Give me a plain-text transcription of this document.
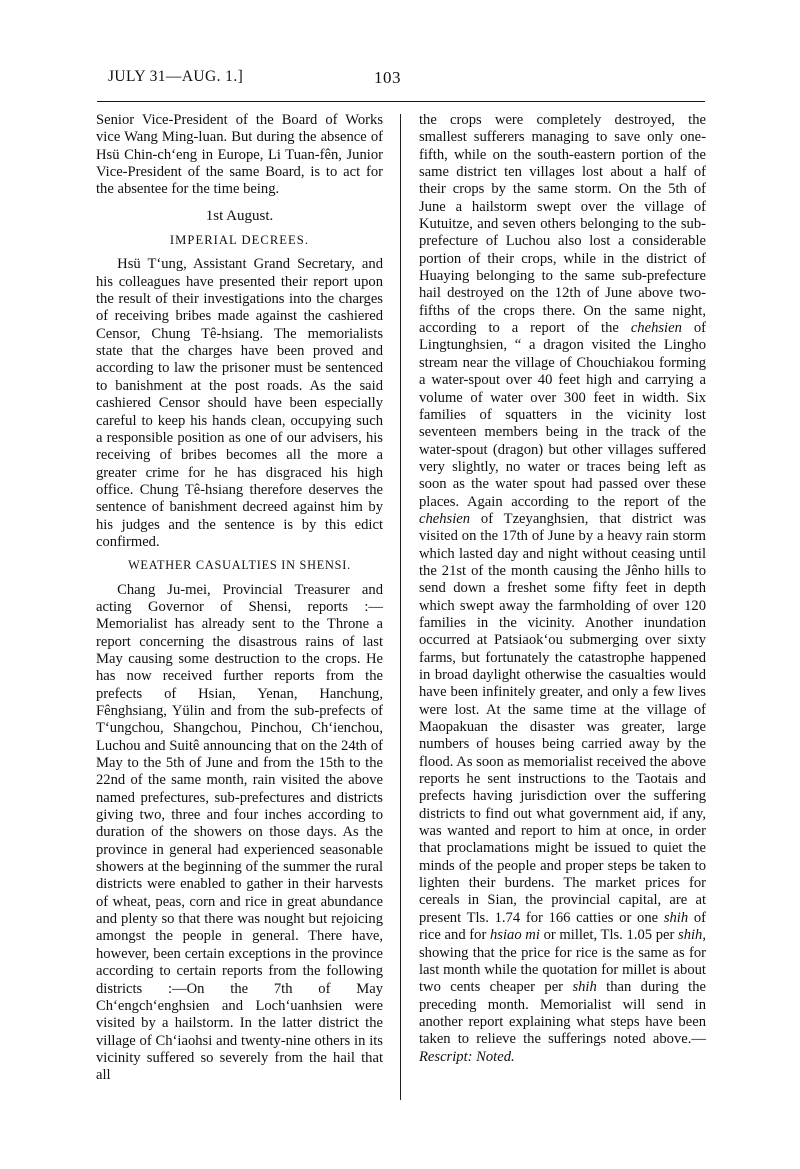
JULY 31—AUG. 1.]	103

Senior Vice-President of the Board of Works vice Wang Ming-luan. But during the absence of Hsü Chin-ch‘eng in Europe, Li Tuan-fên, Junior Vice-President of the same Board, is to act for the absentee for the time being.

1st August.

IMPERIAL DECREES.

Hsü T‘ung, Assistant Grand Secretary, and his colleagues have presented their report upon the result of their investigations into the charges of receiving bribes made against the cashiered Censor, Chung Tê-hsiang. The memorialists state that the charges have been proved and according to law the prisoner must be sentenced to banishment at the post roads. As the said cashiered Censor should have been especially careful to keep his hands clean, occupying such a responsible position as one of our advisers, his receiving of bribes becomes all the more a greater crime for he has disgraced his high office. Chung Tê-hsiang therefore deserves the sentence of banishment decreed against him by his judges and the sentence is by this edict confirmed.

WEATHER CASUALTIES IN SHENSI.

Chang Ju-mei, Provincial Treasurer and acting Governor of Shensi, reports :—Memorialist has already sent to the Throne a report concerning the disastrous rains of last May causing some destruction to the crops. He has now received further reports from the prefects of Hsian, Yenan, Hanchung, Fênghsiang, Yülin and from the sub-prefects of T‘ungchou, Shangchou, Pinchou, Ch‘ienchou, Luchou and Suitê announcing that on the 24th of May to the 5th of June and from the 15th to the 22nd of the same month, rain visited the above named prefectures, sub-prefectures and districts giving two, three and four inches according to duration of the showers on those days. As the province in general had experienced seasonable showers at the beginning of the summer the rural districts were enabled to gather in their harvests of wheat, peas, corn and rice in great abundance and plenty so that there was nought but rejoicing amongst the people in general. There have, however, been certain exceptions in the province according to certain reports from the following districts :—On the 7th of May Ch‘engch‘enghsien and Loch‘uanhsien were visited by a hailstorm. In the latter district the village of Ch‘iaohsi and twenty-nine others in its vicinity suffered so severely from the hail that all

the crops were completely destroyed, the smallest sufferers managing to save only one-fifth, while on the south-eastern portion of the same district ten villages lost about a half of their crops by the same storm. On the 5th of June a hailstorm swept over the village of Kutuitze, and seven others belonging to the sub-prefecture of Luchou also lost a considerable portion of their crops, while in the district of Huaying belonging to the same sub-prefecture hail destroyed on the 12th of June above two-fifths of the crops there. On the same night, according to a report of the chehsien of Lingtunghsien, “ a dragon visited the Lingho stream near the village of Chouchiakou forming a water-spout over 40 feet high and carrying a volume of water over 300 feet in width. Six families of squatters in the vicinity lost seventeen members being in the track of the water-spout (dragon) but other villages suffered very slightly, no water or traces being left as soon as the water spout had passed over these places. Again according to the report of the chehsien of Tzeyanghsien, that district was visited on the 17th of June by a heavy rain storm which lasted day and night without ceasing until the 21st of the month causing the Jênho hills to send down a freshet some fifty feet in depth which swept away the farmholding of over 120 families in the vicinity. Another inundation occurred at Patsiaok‘ou submerging over sixty farms, but fortunately the catastrophe happened in broad daylight otherwise the casualties would have been infinitely greater, and only a few lives were lost. At the same time at the village of Maopakuan the disaster was greater, large numbers of houses being carried away by the flood. As soon as memorialist received the above reports he sent instructions to the Taotais and prefects having jurisdiction over the suffering districts to find out what government aid, if any, was wanted and report to him at once, in order that proclamations might be issued to quiet the minds of the people and proper steps be taken to lighten their burdens. The market prices for cereals in Sian, the provincial capital, are at present Tls. 1.74 for 166 catties or one shih of rice and for hsiao mi or millet, Tls. 1.05 per shih, showing that the price for rice is the same as for last month while the quotation for millet is about two cents cheaper per shih than during the preceding month. Memorialist will send in another report explaining what steps have been taken to relieve the sufferings noted above.—Rescript: Noted.
